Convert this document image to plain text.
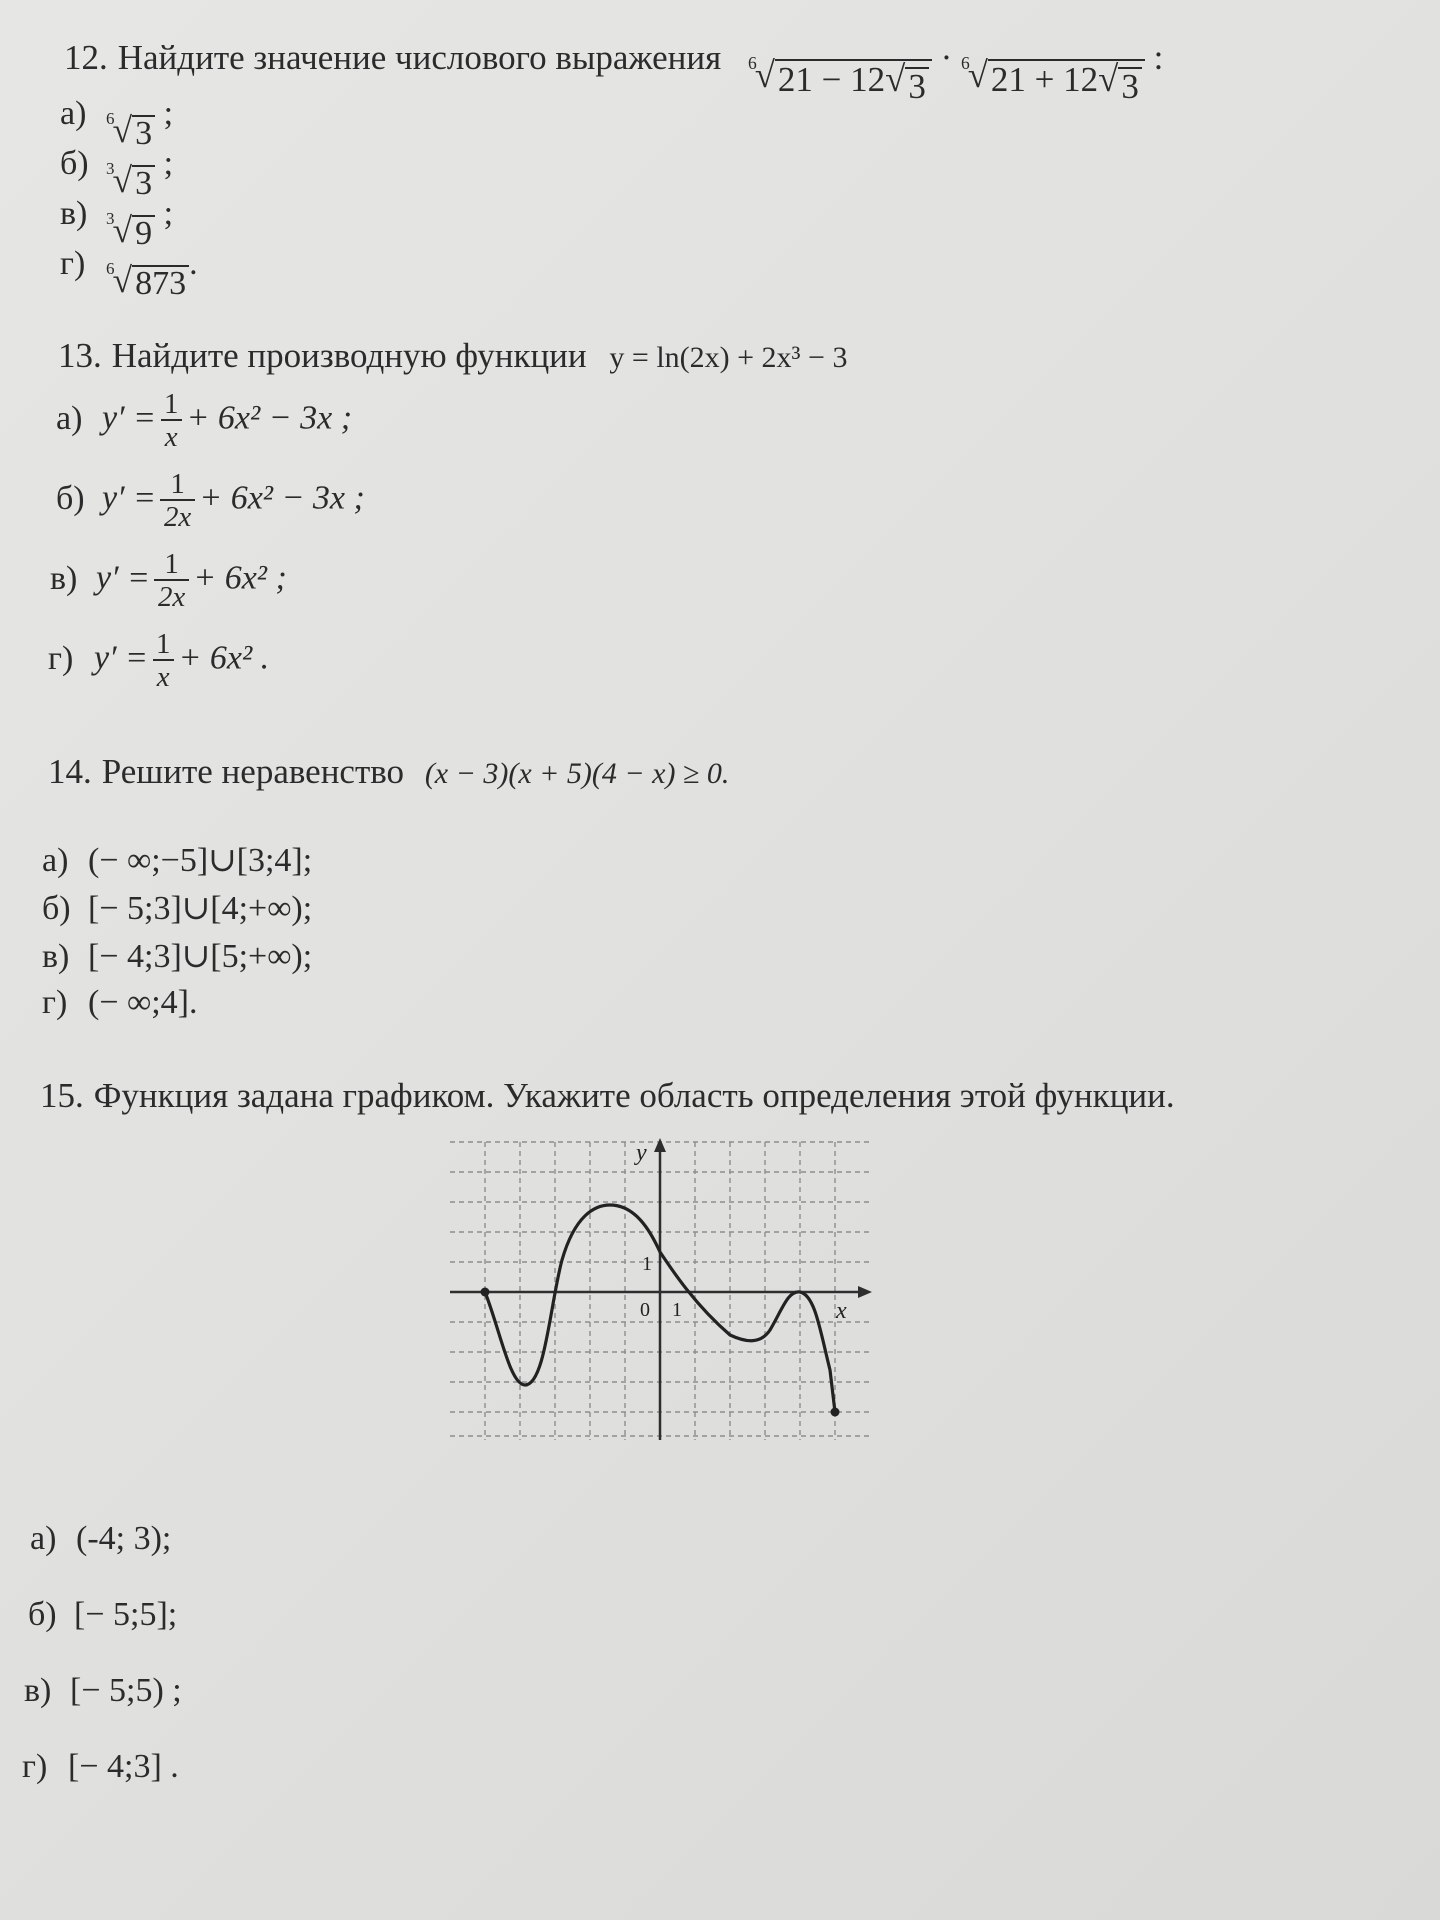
12. Найдите значение числового выражения 6
√ 21 − 12 √ 3
· 6
√ 21 + 12 √ 3
:
а) 6
√ 3
;
б) 3
√ 3
;
в) 3
√ 9
;
г) 6
√ 873
.
13. Найдите производную функции y = ln(2x) + 2x³ − 3
а) $y' = \frac{1}{x} + 6x^2 - 3x$ ;
б) $y' = \frac{1}{2x} + 6x^2 - 3x$ ;
в) $y' = \frac{1}{2x} + 6x^2$ ;
г) $y' = \frac{1}{x} + 6x^2$ .
14. Решите неравенство (x − 3)(x + 5)(4 − x) ≥ 0.
а) (− ∞;−5]∪[3;4];
б) [− 5;3]∪[4;+∞);
в) [− 4;3]∪[5;+∞);
г) (− ∞;4].
15. Функция задана графиком. Укажите область определения этой функции.
y
x
0 1
1
а) (-4; 3);
б) [− 5;5];
в) [− 5;5) ;
г) [− 4;3] .
